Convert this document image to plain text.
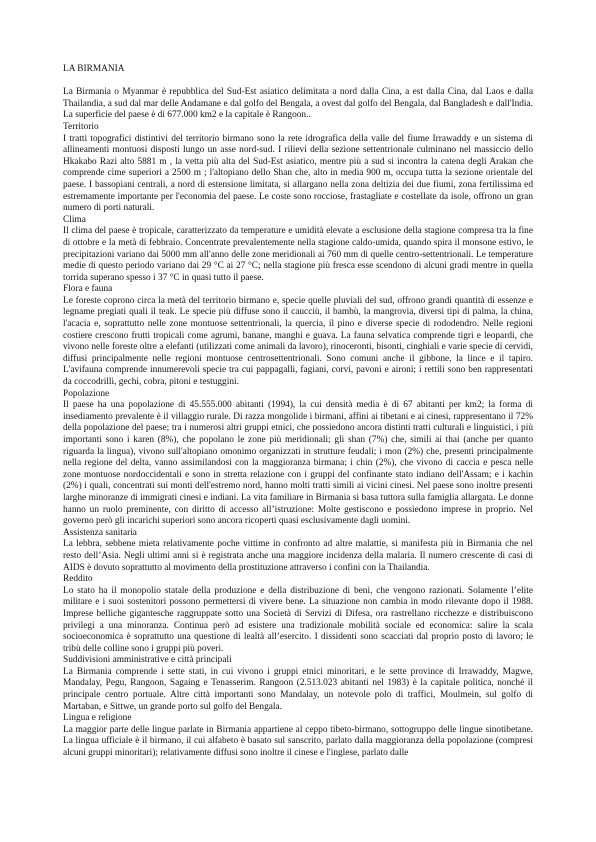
LA BIRMANIA

La Birmania o Myanmar è repubblica del Sud-Est asiatico delimitata a nord dalla Cina, a est dalla Cina, dal Laos e dalla Thailandia, a sud dal mar delle Andamane e dal golfo del Bengala, a ovest dal golfo del Bengala, dal Bangladesh e dall'India. La superficie del paese è di 677.000 km2 e la capitale è Rangoon..

Territorio

I tratti topografici distintivi del territorio birmano sono la rete idrografica della valle del fiume Irrawaddy e un sistema di allineamenti montuosi disposti lungo un asse nord-sud. I rilievi della sezione settentrionale culminano nel massiccio dello Hkakabo Razi alto 5881 m , la vetta più alta del Sud-Est asiatico, mentre più a sud si incontra la catena degli Arakan che comprende cime superiori a 2500 m ; l'altopiano dello Shan che, alto in media 900 m, occupa tutta la sezione orientale del paese. I bassopiani centrali, a nord di estensione limitata, si allargano nella zona deltizia dei due fiumi, zona fertilissima ed estremamente importante per l'economia del paese. Le coste sono rocciose, frastagliate e costellate da isole, offrono un gran numero di porti naturali.

Clima

Il clima del paese è tropicale, caratterizzato da temperature e umidità elevate a esclusione della stagione compresa tra la fine di ottobre e la metà di febbraio. Concentrate prevalentemente nella stagione caldo-umida, quando spira il monsone estivo, le precipitazioni variano dai 5000 mm all'anno delle zone meridionali ai 760 mm di quelle centro-settentrionali. Le temperature medie di questo periodo variano dai 29 °C ai 27 °C; nella stagione più fresca esse scendono di alcuni gradi mentre in quella torrida superano spesso i 37 °C in quasi tutto il paese.

Flora e fauna

Le foreste coprono circa la metà del territorio birmano e, specie quelle pluviali del sud, offrono grandi quantità di essenze e legname pregiati quali il teak. Le specie più diffuse sono il caucciù, il bambù, la mangrovia, diversi tipi di palma, la china, l'acacia e, soprattutto nelle zone montuose settentrionali, la quercia, il pino e diverse specie di rododendro. Nelle regioni costiere crescono frutti tropicali come agrumi, banane, manghi e guava. La fauna selvatica comprende tigri e leopardi, che vivono nelle foreste oltre a elefanti (utilizzati come animali da lavoro), rinoceronti, bisonti, cinghiali e varie specie di cervidi, diffusi principalmente nelle regioni montuose centrosettentrionali. Sono comuni anche il gibbone, la lince e il tapiro. L'avifauna comprende innumerevoli specie tra cui pappagalli, fagiani, corvi, pavoni e aironi; i rettili sono ben rappresentati da coccodrilli, gechi, cobra, pitoni e testuggini.

Popolazione

Il paese ha una popolazione di 45.555.000 abitanti (1994), la cui densità media è di 67 abitanti per km2; la forma di insediamento prevalente è il villaggio rurale. Di razza mongolide i birmani, affini ai tibetani e ai cinesi, rappresentano il 72% della popolazione del paese; tra i numerosi altri gruppi etnici, che possiedono ancora distinti tratti culturali e linguistici, i più importanti sono i karen (8%), che popolano le zone più meridionali; gli shan (7%) che, simili ai thai (anche per quanto riguarda la lingua), vivono sull'altopiano omonimo organizzati in strutture feudali; i mon (2%) che, presenti principalmente nella regione del delta, vanno assimilandosi con la maggioranza birmana; i chin (2%), che vivono di caccia e pesca nelle zone montuose nordoccidentali e sono in stretta relazione con i gruppi del confinante stato indiano dell'Assam; e i kachin (2%) i quali, concentrati sui monti dell'estremo nord, hanno molti tratti simili ai vicini cinesi. Nel paese sono inoltre presenti larghe minoranze di immigrati cinesi e indiani. La vita familiare in Birmania si basa tuttora sulla famiglia allargata. Le donne hanno un ruolo preminente, con diritto di accesso all’istruzione: Molte gestiscono e possiedono imprese in proprio. Nel governo però gli incarichi superiori sono ancora ricoperti quasi esclusivamente dagli uomini.

Assistenza sanitaria

La lebbra, sebbene mieta relativamente poche vittime in confronto ad altre malattie, si manifesta più in Birmania che nel resto dell’Asia. Negli ultimi anni si è registrata anche una maggiore incidenza della malaria. Il numero crescente di casi di AIDS è dovuto soprattutto al movimento della prostituzione attraverso i confini con la Thailandia.

Reddito

Lo stato ha il monopolio statale della produzione e della distribuzione di beni, che vengono razionati. Solamente l’elite militare e i suoi sostenitori possono permettersi di vivere bene. La situazione non cambia in modo rilevante dopo il 1988. Imprese belliche gigantesche raggruppate sotto una Società di Servizi di Difesa, ora rastrellano ricchezze e distribuiscono privilegi a una minoranza. Continua però ad esistere una tradizionale mobilità sociale ed economica: salire la scala socioeconomica è soprattutto una questione di lealtà all’esercito. I dissidenti sono scacciati dal proprio posto di lavoro; le tribù delle colline sono i gruppi più poveri.

Suddivisioni amministrative e città principali

La Birmania comprende i sette stati, in cui vivono i gruppi etnici minoritari, e le sette province di Irrawaddy, Magwe, Mandalay, Pegu, Rangoon, Sagaing e Tenasserim. Rangoon (2.513.023 abitanti nel 1983) è la capitale politica, nonché il principale centro portuale. Altre città importanti sono Mandalay, un notevole polo di traffici, Moulmein, sul golfo di Martaban, e Sittwe, un grande porto sul golfo del Bengala.

Lingua e religione

La maggior parte delle lingue parlate in Birmania appartiene al ceppo tibeto-birmano, sottogruppo delle lingue sinotibetane. La lingua ufficiale è il birmano, il cui alfabeto è basato sul sanscrito, parlato dalla maggioranza della popolazione (compresi alcuni gruppi minoritari); relativamente diffusi sono inoltre il cinese e l'inglese, parlato dalle
